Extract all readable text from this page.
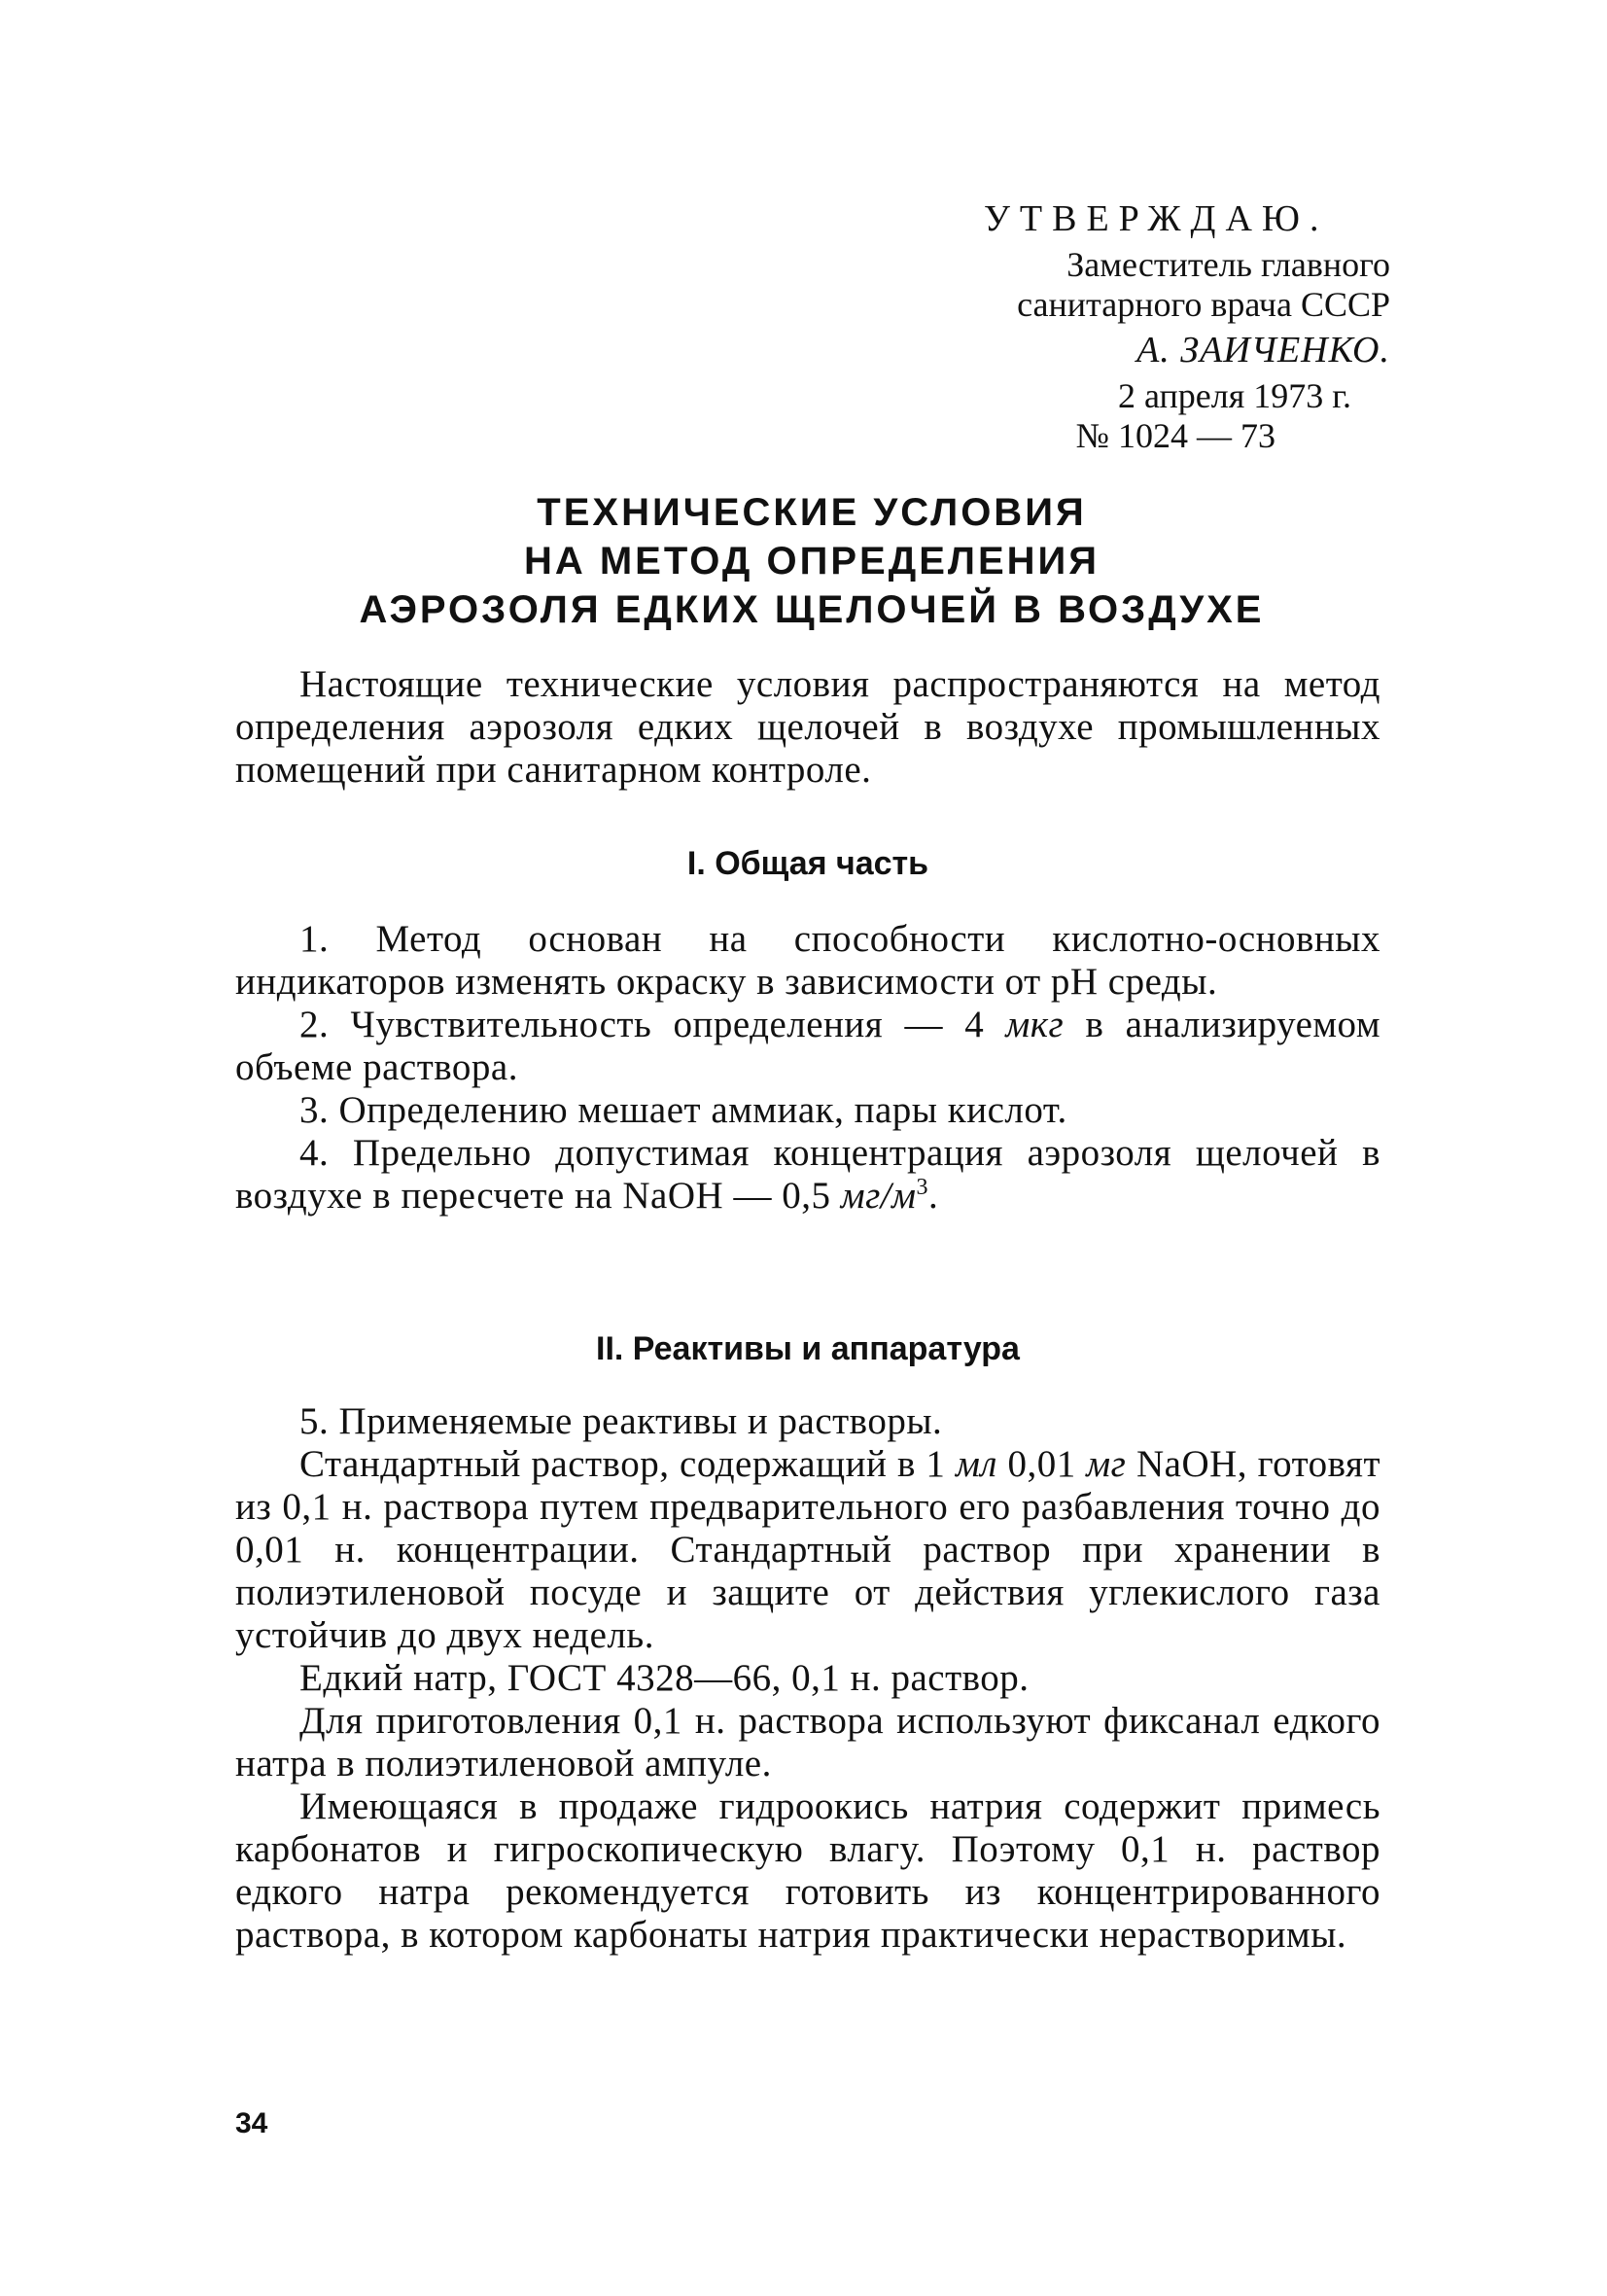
УТВЕРЖДАЮ.
Заместитель главного
санитарного врача СССР
А. ЗАИЧЕНКО.
2 апреля 1973 г.
№ 1024 — 73
ТЕХНИЧЕСКИЕ УСЛОВИЯ
НА МЕТОД ОПРЕДЕЛЕНИЯ
АЭРОЗОЛЯ ЕДКИХ ЩЕЛОЧЕЙ В ВОЗДУХЕ
Настоящие технические условия распространяются на метод определения аэрозоля едких щелочей в воздухе промышленных помещений при санитарном контроле.
I. Общая часть
1. Метод основан на способности кислотно-основных индикаторов изменять окраску в зависимости от pH среды.
2. Чувствительность определения — 4 мкг в анализируемом объеме раствора.
3. Определению мешает аммиак, пары кислот.
4. Предельно допустимая концентрация аэрозоля щелочей в воздухе в пересчете на NaOH — 0,5 $мг/м^3$.
II. Реактивы и аппаратура
5. Применяемые реактивы и растворы.
Стандартный раствор, содержащий в 1 мл 0,01 мг NaOH, готовят из 0,1 н. раствора путем предварительного его разбавления точно до 0,01 н. концентрации. Стандартный раствор при хранении в полиэтиленовой посуде и защите от действия углекислого газа устойчив до двух недель.
Едкий натр, ГОСТ 4328—66, 0,1 н. раствор.
Для приготовления 0,1 н. раствора используют фиксанал едкого натра в полиэтиленовой ампуле.
Имеющаяся в продаже гидроокись натрия содержит примесь карбонатов и гигроскопическую влагу. Поэтому 0,1 н. раствор едкого натра рекомендуется готовить из концентрированного раствора, в котором карбонаты натрия практически нерастворимы.
34
